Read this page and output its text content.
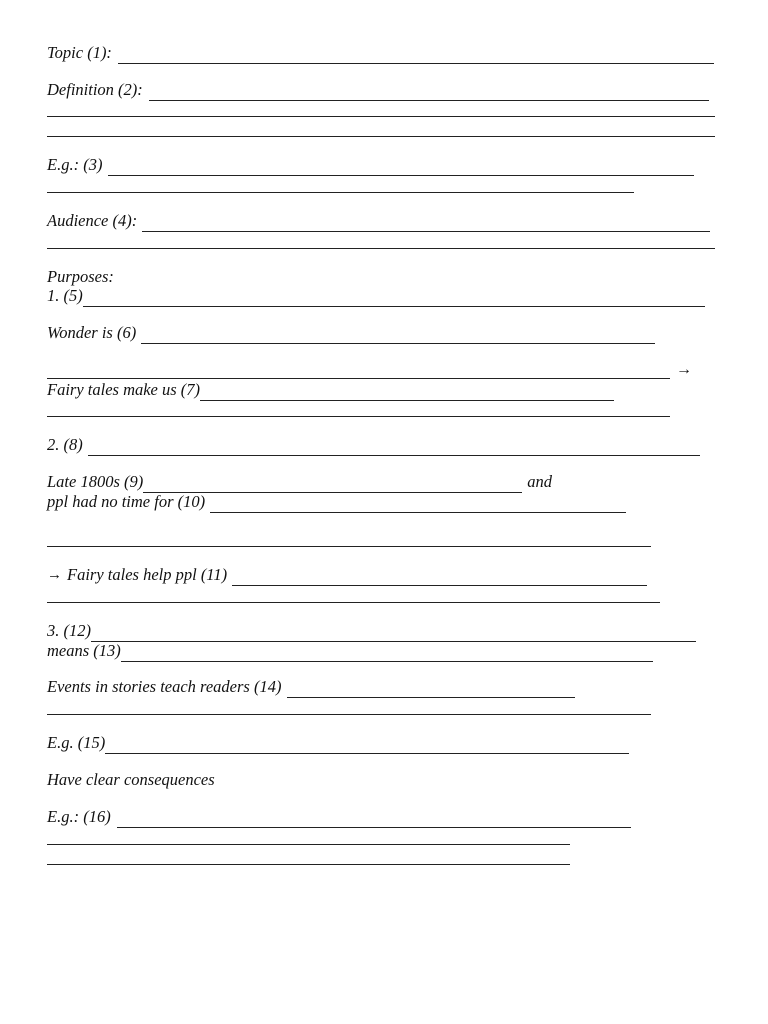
Topic (1):
Definition (2):
E.g.: (3)
Audience (4):
Purposes:
1. (5)
Wonder is (6)
→
Fairy tales make us (7)
2. (8)
Late 1800s (9)	and
ppl had no time for (10)
→ Fairy tales help ppl (11)
3. (12)
means (13)
Events in stories teach readers (14)
E.g. (15)
Have clear consequences
E.g.: (16)
